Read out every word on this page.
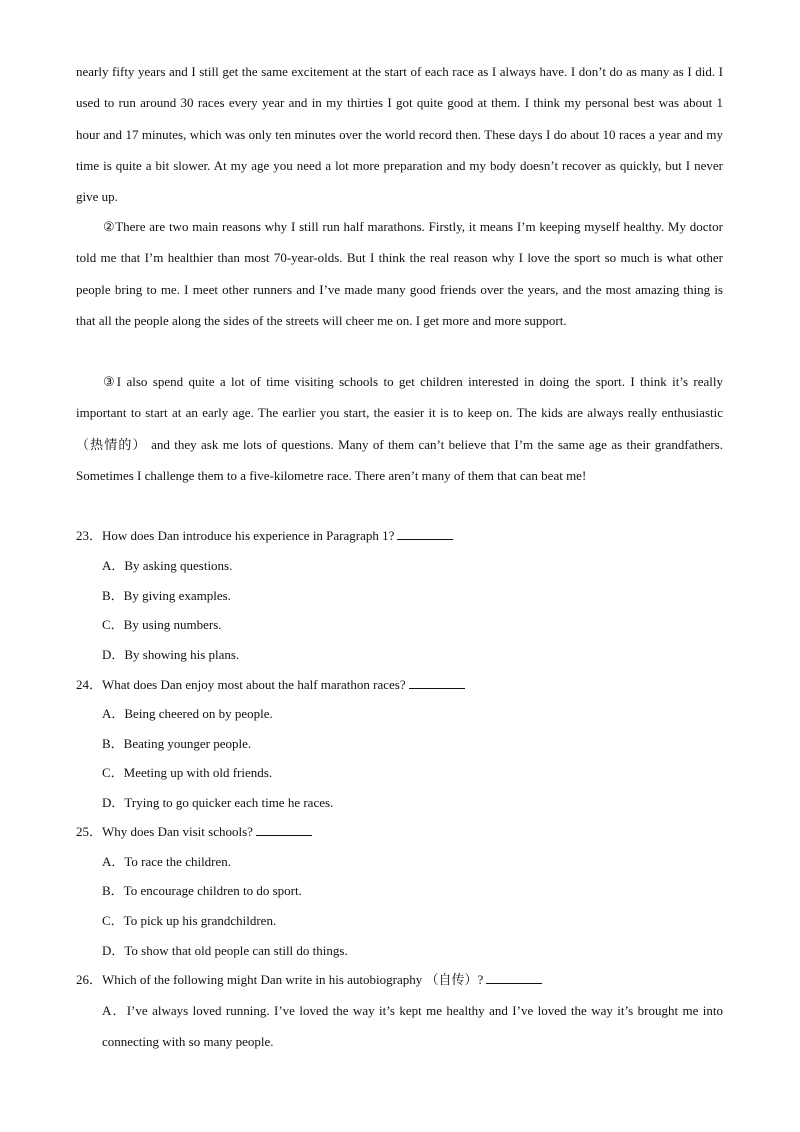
nearly fifty years and I still get the same excitement at the start of each race as I always have. I don’t do as many as I did. I used to run around 30 races every year and in my thirties I got quite good at them. I think my personal best was about 1 hour and 17 minutes, which was only ten minutes over the world record then. These days I do about 10 races a year and my time is quite a bit slower. At my age you need a lot more preparation and my body doesn’t recover as quickly, but I never give up.

②There are two main reasons why I still run half marathons. Firstly, it means I’m keeping myself healthy. My doctor told me that I’m healthier than most 70-year-olds. But I think the real reason why I love the sport so much is what other people bring to me. I meet other runners and I’ve made many good friends over the years, and the most amazing thing is that all the people along the sides of the streets will cheer me on. I get more and more support.

③I also spend quite a lot of time visiting schools to get children interested in doing the sport. I think it’s really important to start at an early age. The earlier you start, the easier it is to keep on. The kids are always really enthusiastic （热情的） and they ask me lots of questions. Many of them can’t believe that I’m the same age as their grandfathers. Sometimes I challenge them to a five-kilometre race. There aren’t many of them that can beat me!

23．How does Dan introduce his experience in Paragraph 1?

A．By asking questions.

B．By giving examples.

C．By using numbers.

D．By showing his plans.

24．What does Dan enjoy most about the half marathon races?

A．Being cheered on by people.

B．Beating younger people.

C．Meeting up with old friends.

D．Trying to go quicker each time he races.

25．Why does Dan visit schools?

A．To race the children.

B．To encourage children to do sport.

C．To pick up his grandchildren.

D．To show that old people can still do things.

26．Which of the following might Dan write in his autobiography （自传）?

A．I’ve always loved running. I’ve loved the way it’s kept me healthy and I’ve loved the way it’s brought me into connecting with so many people.
